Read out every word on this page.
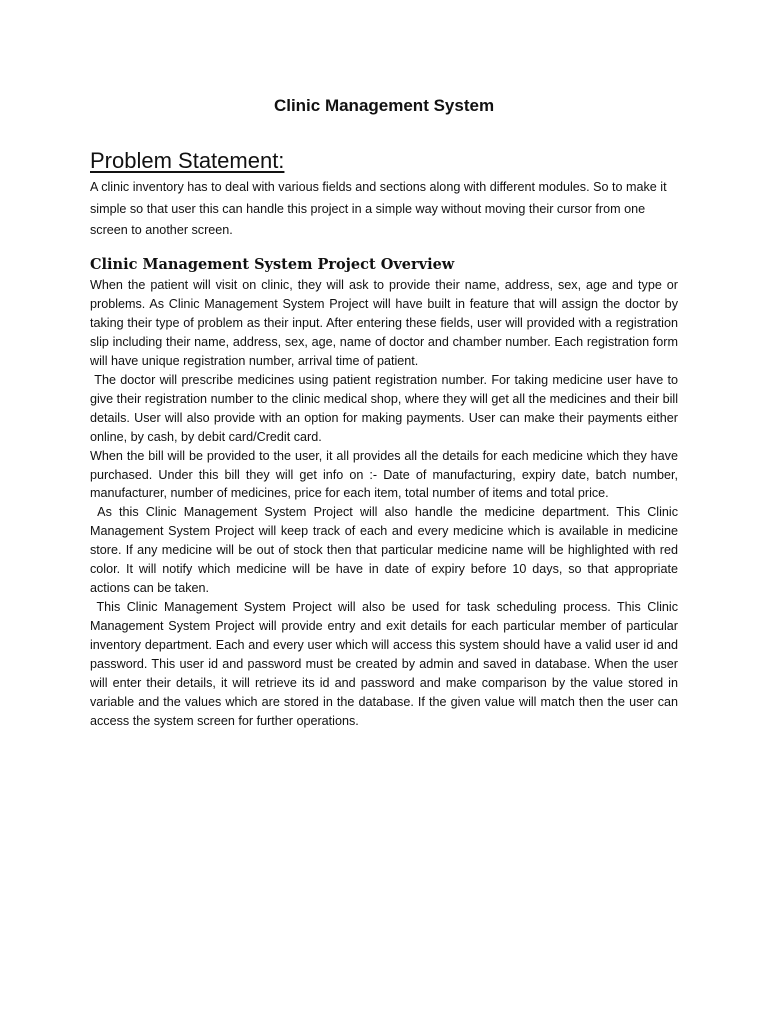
Clinic Management System
Problem Statement:

A clinic inventory has to deal with various fields and sections along with different modules. So to make it simple so that user this can handle this project in a simple way without moving their cursor from one screen to another screen.

Clinic Management System Project Overview

When the patient will visit on clinic, they will ask to provide their name, address, sex, age and type or problems. As Clinic Management System Project will have built in feature that will assign the doctor by taking their type of problem as their input. After entering these fields, user will provided with a registration slip including their name, address, sex, age, name of doctor and chamber number. Each registration form will have unique registration number, arrival time of patient.

The doctor will prescribe medicines using patient registration number. For taking medicine user have to give their registration number to the clinic medical shop, where they will get all the medicines and their bill details. User will also provide with an option for making payments. User can make their payments either online, by cash, by debit card/Credit card.

When the bill will be provided to the user, it all provides all the details for each medicine which they have purchased. Under this bill they will get info on :- Date of manufacturing, expiry date, batch number, manufacturer, number of medicines, price for each item, total number of items and total price.

As this Clinic Management System Project will also handle the medicine department. This Clinic Management System Project will keep track of each and every medicine which is available in medicine store. If any medicine will be out of stock then that particular medicine name will be highlighted with red color. It will notify which medicine will be have in date of expiry before 10 days, so that appropriate actions can be taken.

This Clinic Management System Project will also be used for task scheduling process. This Clinic Management System Project will provide entry and exit details for each particular member of particular inventory department. Each and every user which will access this system should have a valid user id and password. This user id and password must be created by admin and saved in database. When the user will enter their details, it will retrieve its id and password and make comparison by the value stored in variable and the values which are stored in the database. If the given value will match then the user can access the system screen for further operations.
